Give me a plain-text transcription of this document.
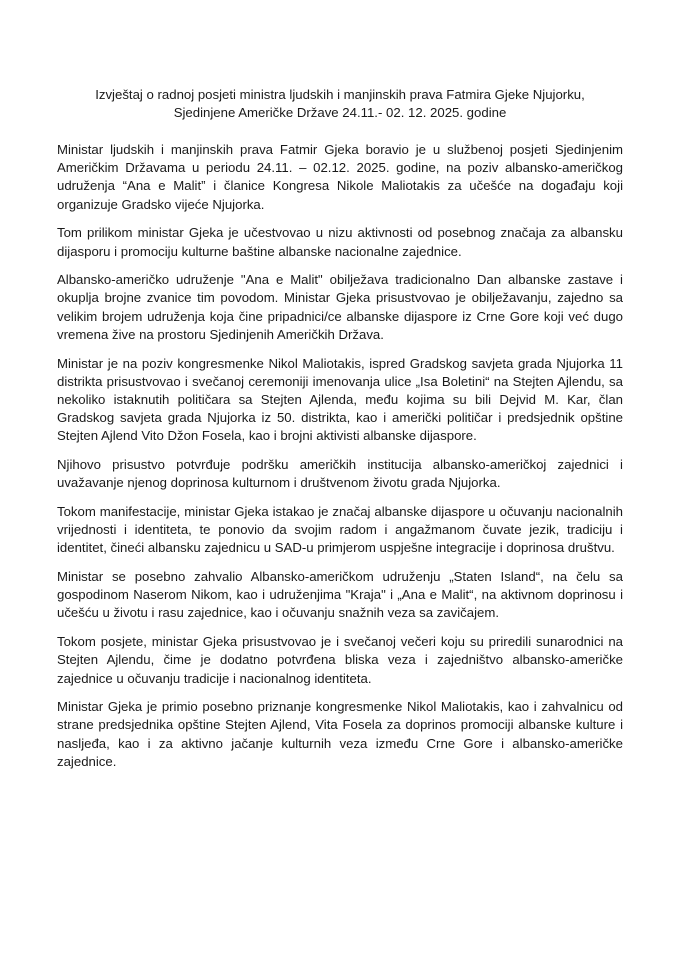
Izvještaj o radnoj posjeti ministra ljudskih i manjinskih prava Fatmira Gjeke Njujorku,
Sjedinjene Američke Države 24.11.- 02. 12. 2025. godine

Ministar ljudskih i manjinskih prava Fatmir Gjeka boravio je u službenoj posjeti Sjedinjenim Američkim Državama u periodu 24.11. – 02.12. 2025. godine, na poziv albansko-američkog udruženja “Ana e Malit” i članice Kongresa Nikole Maliotakis za učešće na događaju koji organizuje Gradsko vijeće Njujorka.

Tom prilikom ministar Gjeka je učestvovao u nizu aktivnosti od posebnog značaja za albansku dijasporu i promociju kulturne baštine albanske nacionalne zajednice.

Albansko-američko udruženje "Ana e Malit" obilježava tradicionalno Dan albanske zastave i okuplja brojne zvanice tim povodom. Ministar Gjeka prisustvovao je obilježavanju, zajedno sa velikim brojem udruženja koja čine pripadnici/ce albanske dijaspore iz Crne Gore koji već dugo vremena žive na prostoru Sjedinjenih Američkih Država.

Ministar je na poziv kongresmenke Nikol Maliotakis, ispred Gradskog savjeta grada Njujorka 11 distrikta prisustvovao i svečanoj ceremoniji imenovanja ulice „Isa Boletini“ na Stejten Ajlendu, sa nekoliko istaknutih političara sa Stejten Ajlenda, među kojima su bili Dejvid M. Kar, član Gradskog savjeta grada Njujorka iz 50. distrikta, kao i američki političar i predsjednik opštine Stejten Ajlend Vito Džon Fosela, kao i brojni aktivisti albanske dijaspore.

Njihovo prisustvo potvrđuje podršku američkih institucija albansko-američkoj zajednici i uvažavanje njenog doprinosa kulturnom i društvenom životu grada Njujorka.

Tokom manifestacije, ministar Gjeka istakao je značaj albanske dijaspore u očuvanju nacionalnih vrijednosti i identiteta, te ponovio da svojim radom i angažmanom čuvate jezik, tradiciju i identitet, čineći albansku zajednicu u SAD-u primjerom uspješne integracije i doprinosa društvu.

Ministar se posebno zahvalio Albansko-američkom udruženju „Staten Island“, na čelu sa gospodinom Naserom Nikom, kao i udruženjima "Kraja" i „Ana e Malit“, na aktivnom doprinosu i učešću u životu i rasu zajednice, kao i očuvanju snažnih veza sa zavičajem.

Tokom posjete, ministar Gjeka prisustvovao je i svečanoj večeri koju su priredili sunarodnici na Stejten Ajlendu, čime je dodatno potvrđena bliska veza i zajedništvo albansko-američke zajednice u očuvanju tradicije i nacionalnog identiteta.

Ministar Gjeka je primio posebno priznanje kongresmenke Nikol Maliotakis, kao i zahvalnicu od strane predsjednika opštine Stejten Ajlend, Vita Fosela za doprinos promociji albanske kulture i nasljeđa, kao i za aktivno jačanje kulturnih veza između Crne Gore i albansko-američke zajednice.
